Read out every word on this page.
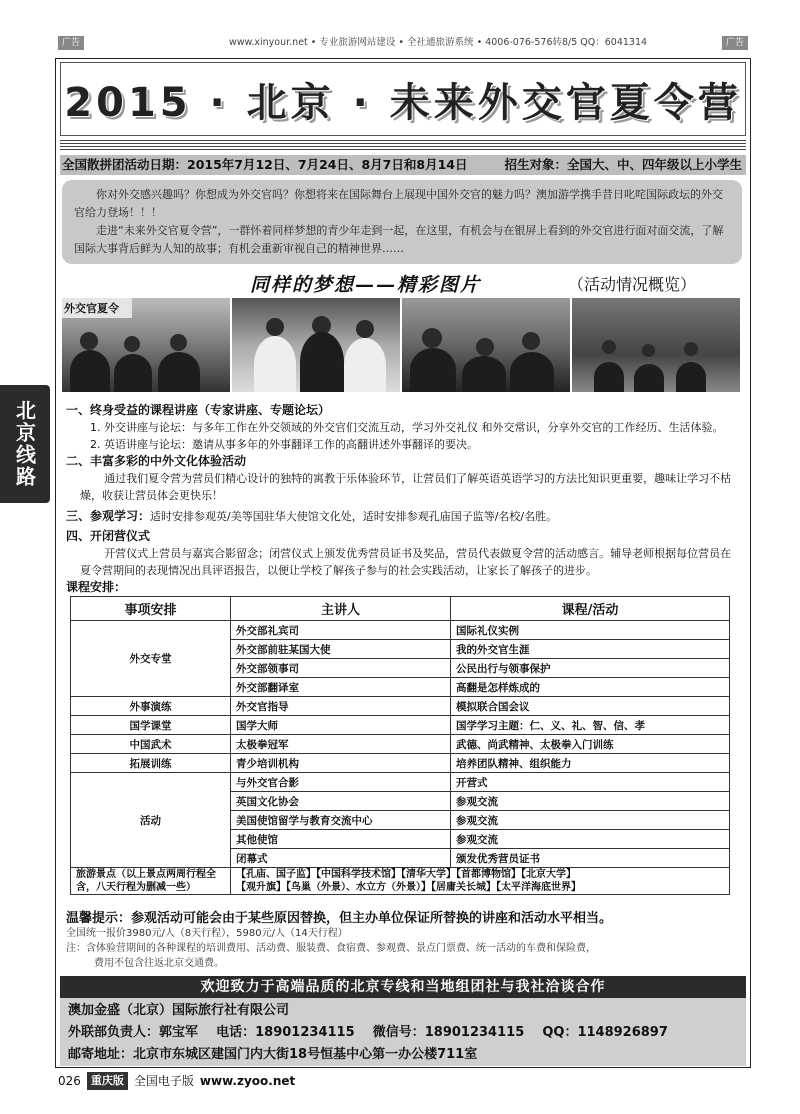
广告	www.xinyour.net • 专业旅游网站建设 • 全社通旅游系统 • 4006-076-576转8/5 QQ：6041314	广告
2015 · 北京 · 未来外交官夏令营
全国散拼团活动日期：2015年7月12日、7月24日、8月7日和8月14日	招生对象：全国大、中、四年级以上小学生

你对外交感兴趣吗？你想成为外交官吗？你想将来在国际舞台上展现中国外交官的魅力吗？澳加游学携手昔日叱咤国际政坛的外交官给力登场！！！

走进“未来外交官夏令营”，一群怀着同样梦想的青少年走到一起，在这里，有机会与在银屏上看到的外交官进行面对面交流，了解国际大事背后鲜为人知的故事；有机会重新审视自己的精神世界……

同样的梦想——精彩图片	（活动情况概览）
外交官夏令
北京线路	一、终身受益的课程讲座（专家讲座、专题论坛）
1. 外交讲座与论坛：与多年工作在外交领域的外交官们交流互动，学习外交礼仪 和外交常识，分享外交官的工作经历、生活体验。
2. 英语讲座与论坛：邀请从事多年的外事翻译工作的高翻讲述外事翻译的要决。
二、丰富多彩的中外文化体验活动
通过我们夏令营为营员们精心设计的独特的寓教于乐体验环节，让营员们了解英语英语学习的方法比知识更重要，趣味让学习不枯燥，收获让营员体会更快乐！
三、参观学习：适时安排参观英/美等国驻华大使馆文化处，适时安排参观孔庙国子监等/名校/名胜。
四、开闭营仪式
开营仪式上营员与嘉宾合影留念；闭营仪式上颁发优秀营员证书及奖品，营员代表做夏令营的活动感言。辅导老师根据每位营员在夏令营期间的表现情况出具评语报告，以便让学校了解孩子参与的社会实践活动，让家长了解孩子的进步。
课程安排：
事项安排	主讲人	课程/活动
外交专堂	外交部礼宾司	国际礼仪实例
	外交部前驻某国大使	我的外交官生涯
	外交部领事司	公民出行与领事保护
	外交部翻译室	高翻是怎样炼成的
外事演练	外交官指导	模拟联合国会议
国学课堂	国学大师	国学学习主题：仁、义、礼、智、信、孝
中国武术	太极拳冠军	武德、尚武精神、太极拳入门训练
拓展训练	青少培训机构	培养团队精神、组织能力
活动	与外交官合影	开营式
	英国文化协会	参观交流
	美国使馆留学与教育交流中心	参观交流
	其他使馆	参观交流
	闭幕式	颁发优秀营员证书
旅游景点（以上景点两周行程全含，八天行程为删减一些）	【孔庙、国子监】【中国科学技术馆】【清华大学】【首都博物馆】【北京大学】
【观升旗】【鸟巢（外景）、水立方（外景）】【居庸关长城】【太平洋海底世界】	
温馨提示：参观活动可能会由于某些原因替换，但主办单位保证所替换的讲座和活动水平相当。
全国统一报价3980元/人（8天行程），5980元/人（14天行程）
注：含体验营期间的各种课程的培训费用、活动费、服装费、食宿费、参观费、景点门票费、统一活动的车费和保险费，
费用不包含往返北京交通费。
欢迎致力于高端品质的北京专线和当地组团社与我社洽谈合作
澳加金盛（北京）国际旅行社有限公司
外联部负责人：郭宝军 电话：18901234115 微信号：18901234115 QQ：1148926897
邮寄地址：北京市东城区建国门内大街18号恒基中心第一办公楼711室
026 重庆版 全国电子版 www.zyoo.net
